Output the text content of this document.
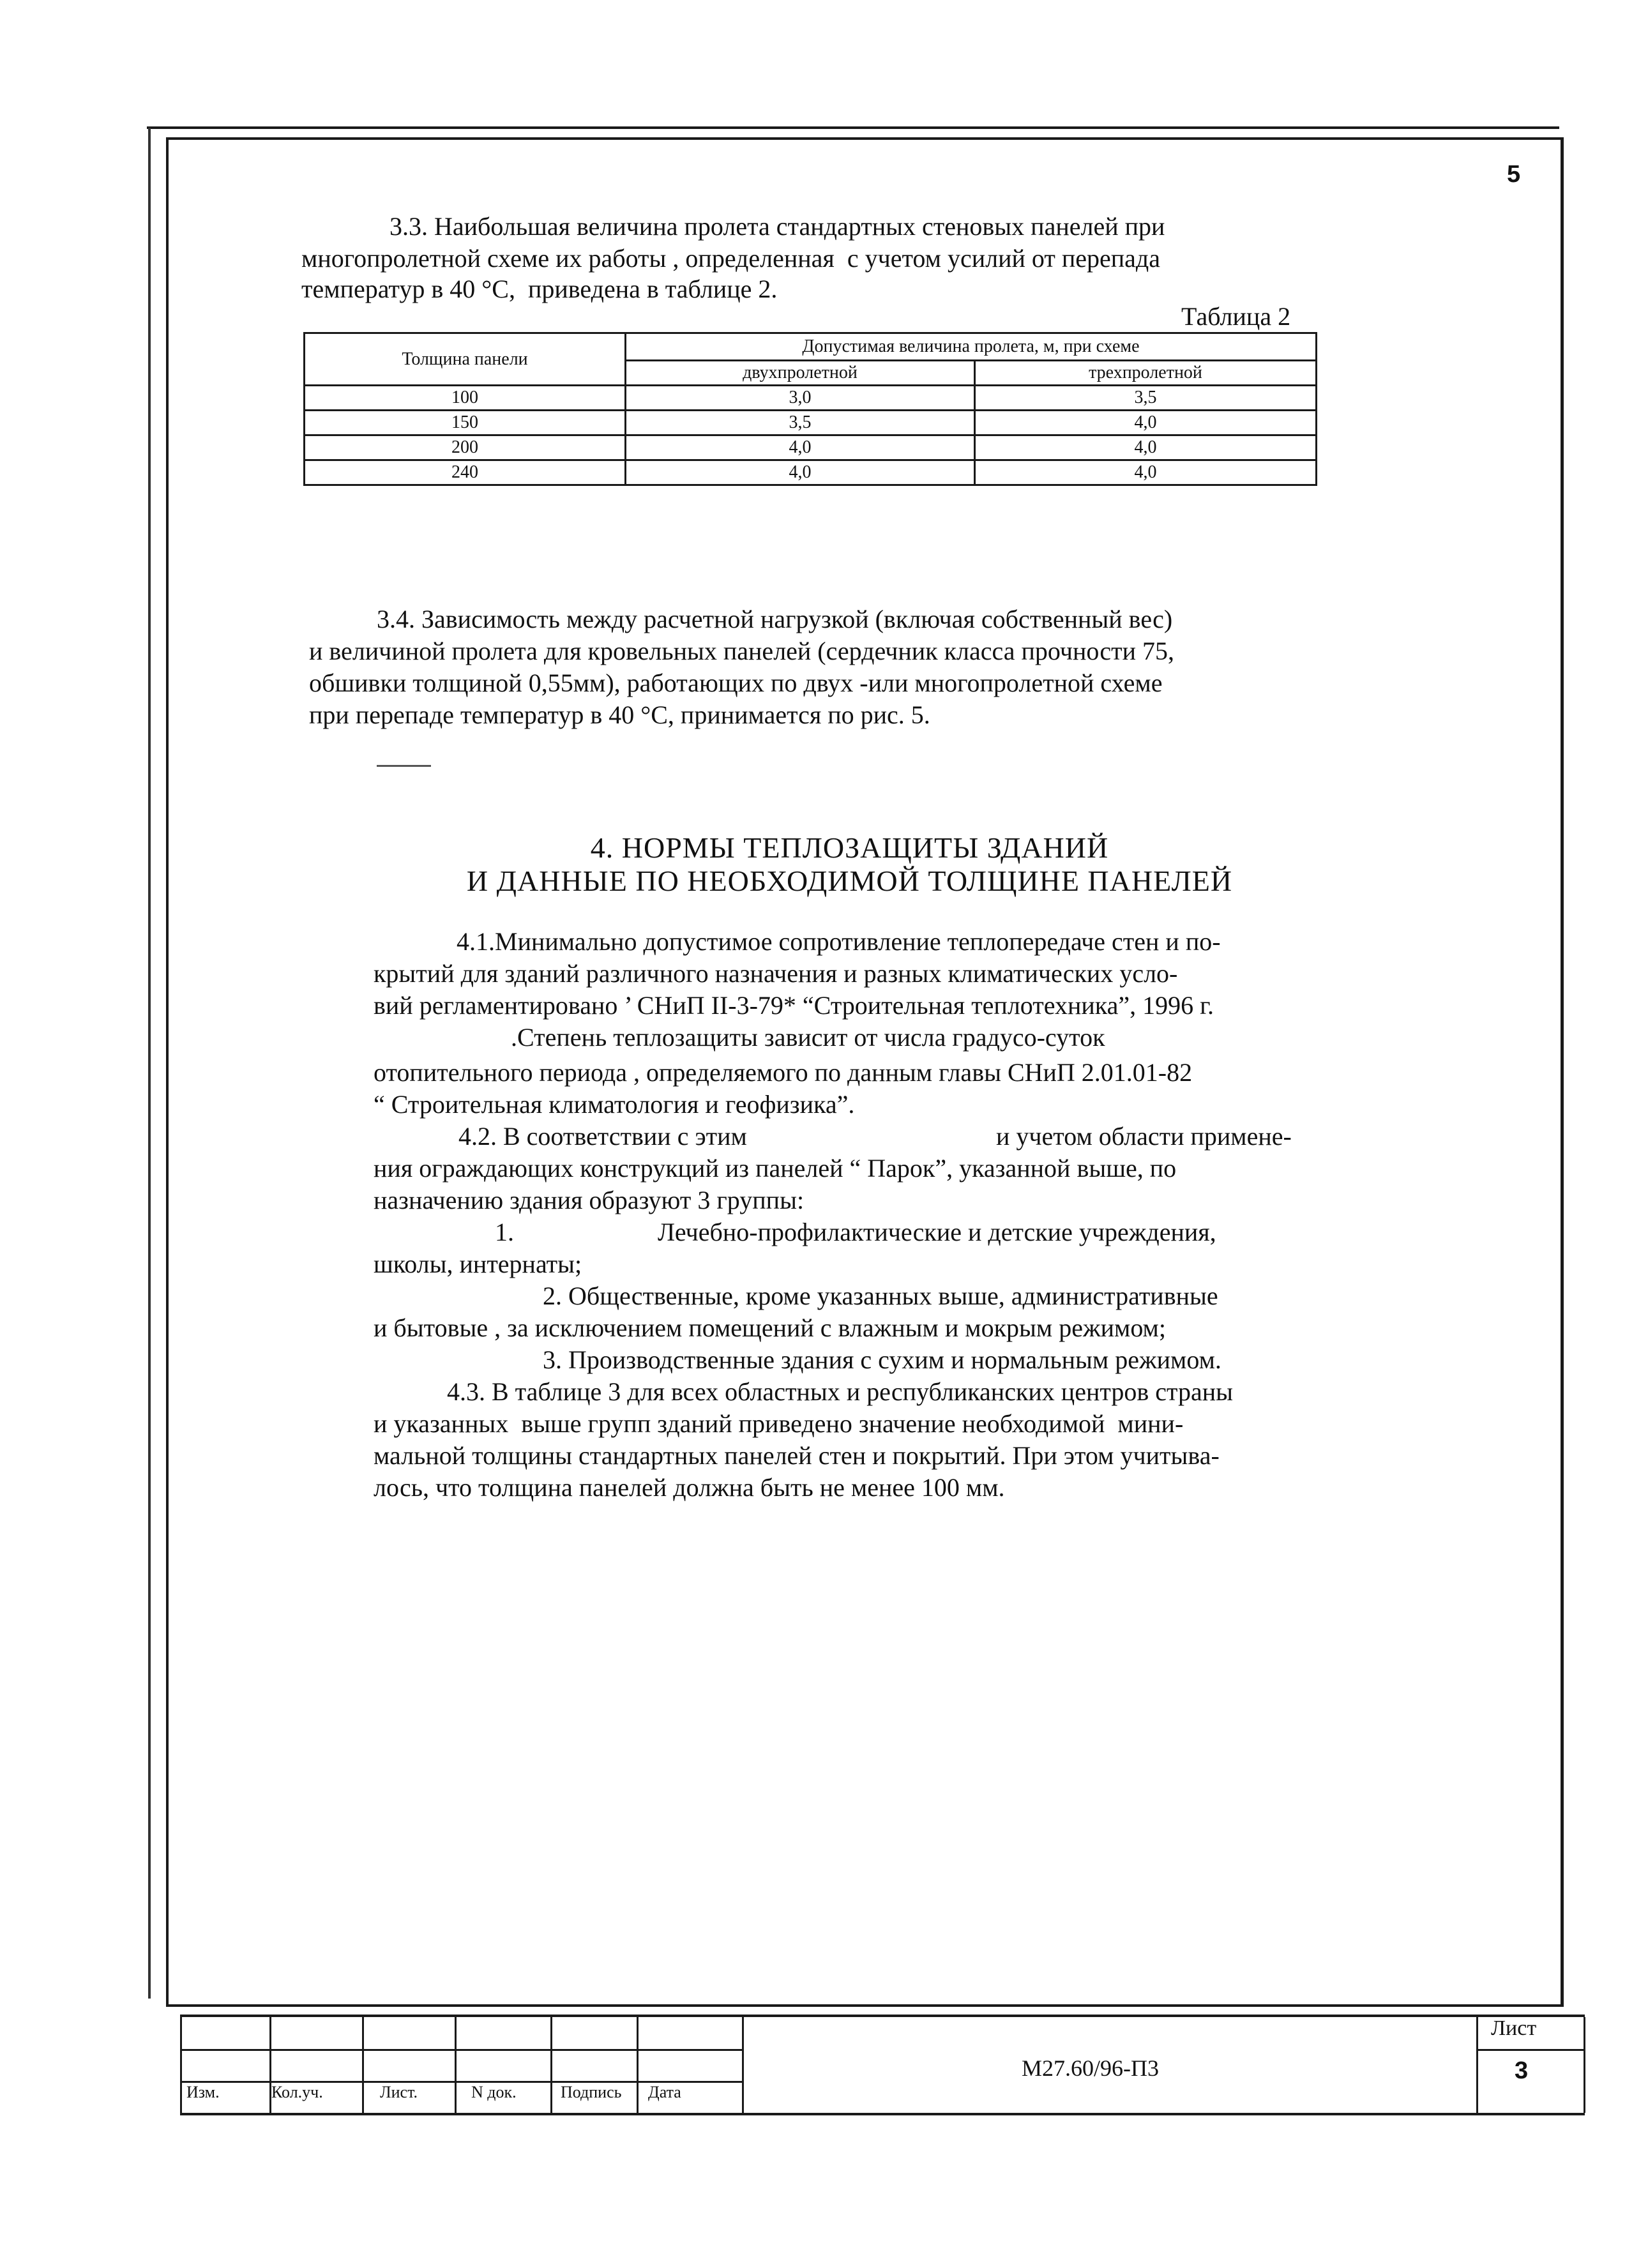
5
3.3. Наибольшая величина пролета стандартных стеновых панелей при
многопролетной схеме их работы , определенная  с учетом усилий от перепада
температур в 40 °С,  приведена в таблице 2.
Таблица 2
Толщина панели	Допустимая величина пролета, м, при схеме	
	двухпролетной	трехпролетной
100	3,0	3,5
150	3,5	4,0
200	4,0	4,0
240	4,0	4,0
3.4. Зависимость между расчетной нагрузкой (включая собственный вес)
и величиной пролета для кровельных панелей (сердечник класса прочности 75,
обшивки толщиной 0,55мм), работающих по двух -или многопролетной схеме
при перепаде температур в 40 °С, принимается по рис. 5.
4. НОРМЫ ТЕПЛОЗАЩИТЫ ЗДАНИЙ
И ДАННЫЕ ПО НЕОБХОДИМОЙ ТОЛЩИНЕ ПАНЕЛЕЙ
4.1.Минимально допустимое сопротивление теплопередаче стен и по-
крытий для зданий различного назначения и разных климатических усло-
вий регламентировано ’ СНиП II-3-79* “Строительная теплотехника”, 1996 г.
.Степень теплозащиты зависит от числа градусо-суток
отопительного периода , определяемого по данным главы СНиП 2.01.01-82
“ Строительная климатология и геофизика”.
4.2. В соответствии с этим	и учетом области примене-
ния ограждающих конструкций из панелей “ Парок”, указанной выше, по
назначению здания образуют 3 группы:
1.	Лечебно-профилактические и детские учреждения,
школы, интернаты;
2. Общественные, кроме указанных выше, административные
и бытовые , за исключением помещений с влажным и мокрым режимом;
3. Производственные здания с сухим и нормальным режимом.
4.3. В таблице 3 для всех областных и республиканских центров страны
и указанных  выше групп зданий приведено значение необходимой  мини-
мальной толщины стандартных панелей стен и покрытий. При этом учитыва-
лось, что толщина панелей должна быть не менее 100 мм.
Изм.	Кол.уч.	Лист.	N док.	Подпись Дата
М27.60/96-П3
Лист
3
